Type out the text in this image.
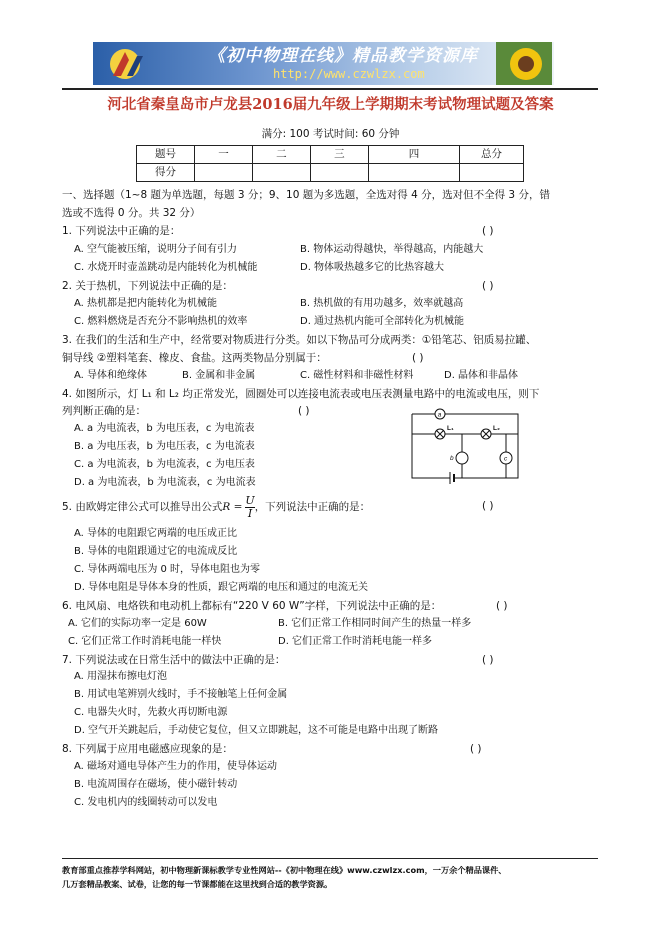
《初中物理在线》精品教学资源库
http://www.czwlzx.com
河北省秦皇岛市卢龙县2016届九年级上学期期末考试物理试题及答案
满分: 100 考试时间: 60 分钟
题号	一	二	三	四	总分
得分					
一、选择题（1~8 题为单选题，每题 3 分；9、10 题为多选题，全选对得 4 分，选对但不全得 3 分，错
选或不选得 0 分。共 32 分）
1. 下列说法中正确的是：	( )
A. 空气能被压缩，说明分子间有引力	B. 物体运动得越快，举得越高，内能越大
C. 水烧开时壶盖跳动是内能转化为机械能	D. 物体吸热越多它的比热容越大
2. 关于热机，下列说法中正确的是：	( )
A. 热机都是把内能转化为机械能	B. 热机做的有用功越多，效率就越高
C. 燃料燃烧是否充分不影响热机的效率	D. 通过热机内能可全部转化为机械能
3. 在我们的生活和生产中，经常要对物质进行分类。如以下物品可分成两类：①铅笔芯、铝质易拉罐、
铜导线 ②塑料笔套、橡皮、食盐。这两类物品分别属于：	( )
A. 导体和绝缘体	B. 金属和非金属	C. 磁性材料和非磁性材料	D. 晶体和非晶体
4. 如图所示，灯 L₁ 和 L₂ 均正常发光，圆圈处可以连接电流表或电压表测量电路中的电流或电压，则下
列判断正确的是：	( )
A. a 为电流表，b 为电压表，c 为电流表
B. a 为电压表，b 为电压表，c 为电流表
C. a 为电流表，b 为电流表，c 为电压表
D. a 为电流表，b 为电流表，c 为电流表
a
L₁	L₂
b	c
5. 由欧姆定律公式可以推导出公式 $R = \frac{U}{I}$ ，下列说法中正确的是：	( )
A. 导体的电阻跟它两端的电压成正比
B. 导体的电阻跟通过它的电流成反比
C. 导体两端电压为 0 时，导体电阻也为零
D. 导体电阻是导体本身的性质，跟它两端的电压和通过的电流无关
6. 电风扇、电烙铁和电动机上都标有“220 V 60 W”字样，下列说法中正确的是：	( )
A. 它们的实际功率一定是 60W	B. 它们正常工作相同时间产生的热量一样多
C. 它们正常工作时消耗电能一样快	D. 它们正常工作时消耗电能一样多
7. 下列说法或在日常生活中的做法中正确的是：	( )
A. 用湿抹布擦电灯泡
B. 用试电笔辨别火线时，手不接触笔上任何金属
C. 电器失火时，先救火再切断电源
D. 空气开关跳起后，手动使它复位，但又立即跳起，这不可能是电路中出现了断路
8. 下列属于应用电磁感应现象的是：	( )
A. 磁场对通电导体产生力的作用，使导体运动
B. 电流周围存在磁场，使小磁针转动
C. 发电机内的线圈转动可以发电
教育部重点推荐学科网站，初中物理新课标教学专业性网站--《初中物理在线》www.czwlzx.com，一万余个精品课件、
几万套精品教案、试卷，让您的每一节课都能在这里找到合适的教学资源。
